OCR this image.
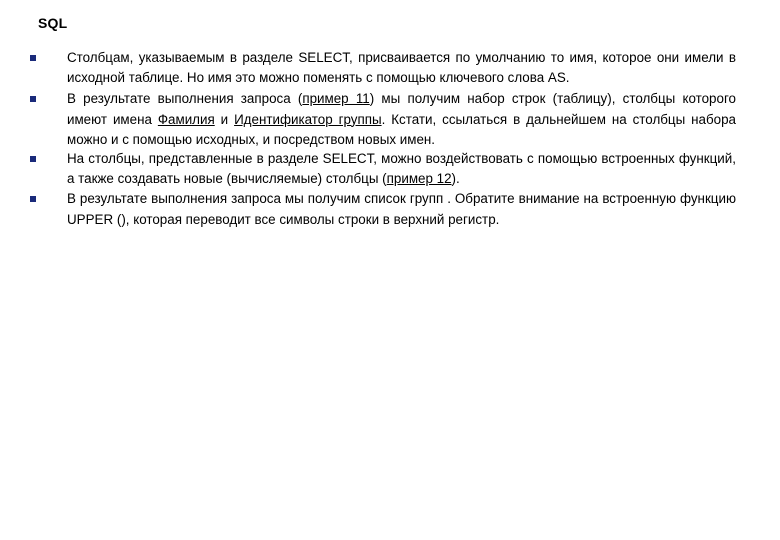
SQL
Столбцам, указываемым в разделе SELECT, присваивается по умолчанию то имя, которое они имели в исходной таблице. Но имя это можно поменять с помощью ключевого слова AS.
В результате выполнения запроса (пример 11) мы получим набор строк (таблицу), столбцы которого имеют имена Фамилия и Идентификатор группы. Кстати, ссылаться в дальнейшем на столбцы набора можно и с помощью исходных, и посредством новых имен.
На столбцы, представленные в разделе SELECT, можно воздействовать с помощью встроенных функций, а также создавать новые (вычисляемые) столбцы (пример 12).
В результате выполнения запроса мы получим список групп . Обратите внимание на встроенную функцию UPPER (), которая переводит все символы строки в верхний регистр.
